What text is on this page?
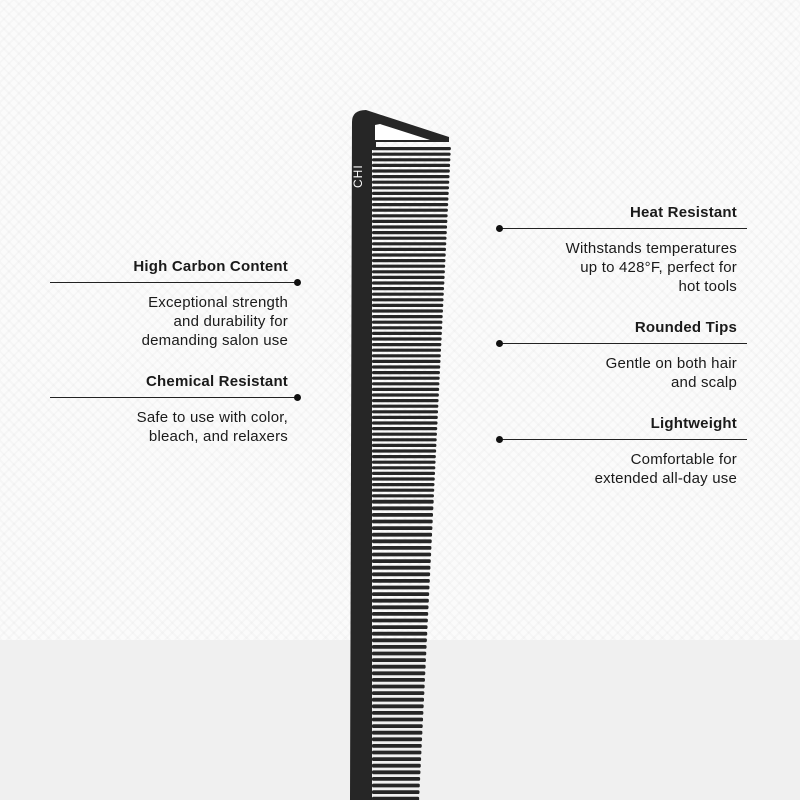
CHI
High Carbon Content
Exceptional strength
and durability for
demanding salon use
Chemical Resistant
Safe to use with color,
bleach, and relaxers
Heat Resistant
Withstands temperatures
up to 428°F, perfect for
hot tools
Rounded Tips
Gentle on both hair
and scalp
Lightweight
Comfortable for
extended all-day use
